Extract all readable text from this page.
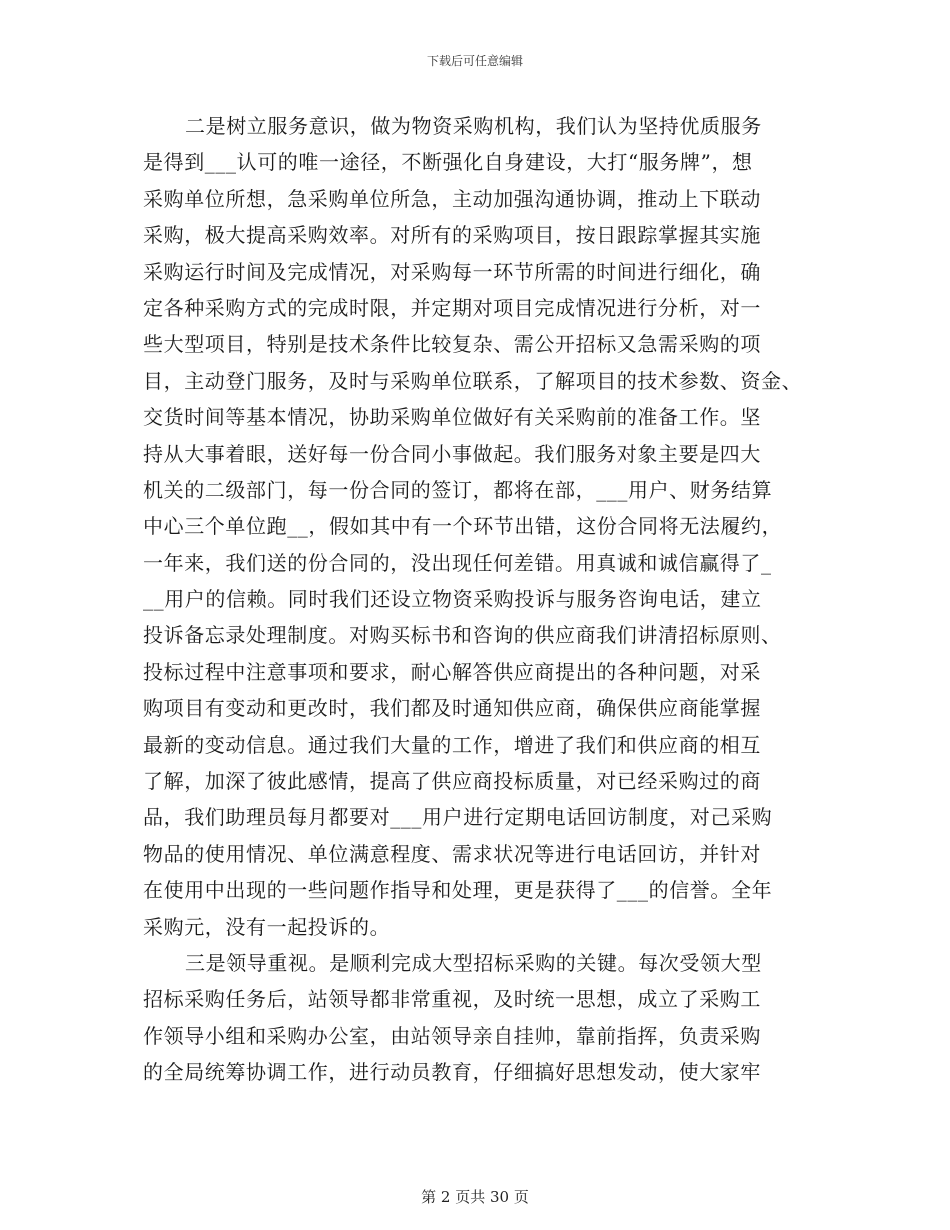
下载后可任意编辑
二是树立服务意识，做为物资采购机构，我们认为坚持优质服务
是得到___认可的唯一途径，不断强化自身建设，大打“服务牌”，想
采购单位所想，急采购单位所急，主动加强沟通协调，推动上下联动
采购，极大提高采购效率。对所有的采购项目，按日跟踪掌握其实施
采购运行时间及完成情况，对采购每一环节所需的时间进行细化，确
定各种采购方式的完成时限，并定期对项目完成情况进行分析，对一
些大型项目，特别是技术条件比较复杂、需公开招标又急需采购的项
目，主动登门服务，及时与采购单位联系，了解项目的技术参数、资金、
交货时间等基本情况，协助采购单位做好有关采购前的准备工作。坚
持从大事着眼，送好每一份合同小事做起。我们服务对象主要是四大
机关的二级部门，每一份合同的签订，都将在部，___用户、财务结算
中心三个单位跑__，假如其中有一个环节出错，这份合同将无法履约，
一年来，我们送的份合同的，没出现任何差错。用真诚和诚信赢得了_
__用户的信赖。同时我们还设立物资采购投诉与服务咨询电话，建立
投诉备忘录处理制度。对购买标书和咨询的供应商我们讲清招标原则、
投标过程中注意事项和要求，耐心解答供应商提出的各种问题，对采
购项目有变动和更改时，我们都及时通知供应商，确保供应商能掌握
最新的变动信息。通过我们大量的工作，增进了我们和供应商的相互
了解，加深了彼此感情，提高了供应商投标质量，对已经采购过的商
品，我们助理员每月都要对___用户进行定期电话回访制度，对己采购
物品的使用情况、单位满意程度、需求状况等进行电话回访，并针对
在使用中出现的一些问题作指导和处理，更是获得了___的信誉。全年
采购元，没有一起投诉的。
三是领导重视。是顺利完成大型招标采购的关键。每次受领大型
招标采购任务后，站领导都非常重视，及时统一思想，成立了采购工
作领导小组和采购办公室，由站领导亲自挂帅，靠前指挥，负责采购
的全局统筹协调工作，进行动员教育，仔细搞好思想发动，使大家牢
第 2 页共 30 页
